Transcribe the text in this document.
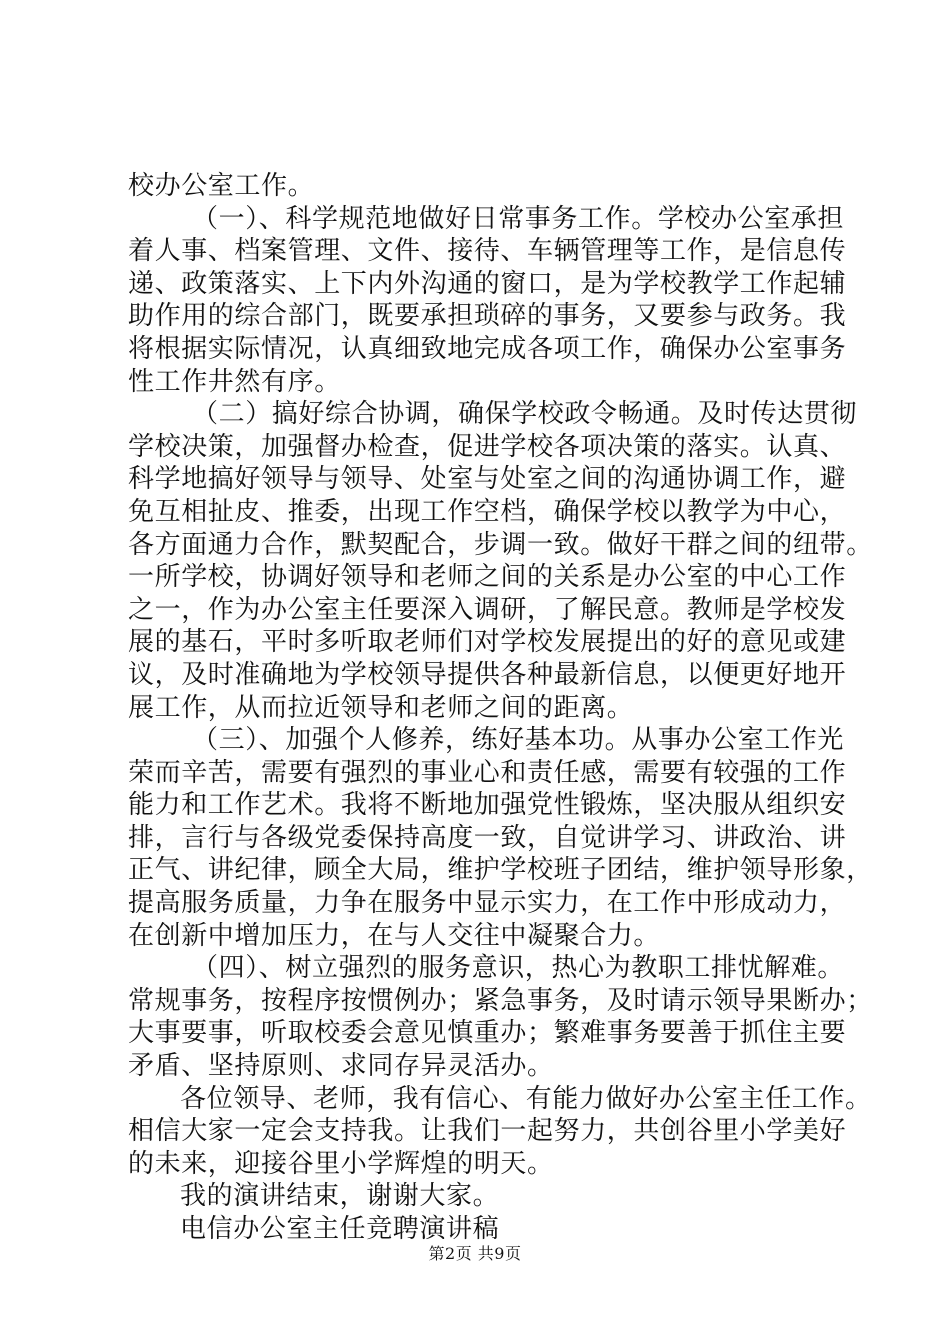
校办公室工作。
（一）、科学规范地做好日常事务工作。学校办公室承担
着人事、档案管理、文件、接待、车辆管理等工作，是信息传
递、政策落实、上下内外沟通的窗口，是为学校教学工作起辅
助作用的综合部门，既要承担琐碎的事务，又要参与政务。我
将根据实际情况，认真细致地完成各项工作，确保办公室事务
性工作井然有序。
（二）搞好综合协调，确保学校政令畅通。及时传达贯彻
学校决策，加强督办检查，促进学校各项决策的落实。认真、
科学地搞好领导与领导、处室与处室之间的沟通协调工作，避
免互相扯皮、推委，出现工作空档，确保学校以教学为中心，
各方面通力合作，默契配合，步调一致。做好干群之间的纽带。
一所学校，协调好领导和老师之间的关系是办公室的中心工作
之一，作为办公室主任要深入调研，了解民意。教师是学校发
展的基石，平时多听取老师们对学校发展提出的好的意见或建
议，及时准确地为学校领导提供各种最新信息，以便更好地开
展工作，从而拉近领导和老师之间的距离。
（三）、加强个人修养，练好基本功。从事办公室工作光
荣而辛苦，需要有强烈的事业心和责任感，需要有较强的工作
能力和工作艺术。我将不断地加强党性锻炼，坚决服从组织安
排，言行与各级党委保持高度一致，自觉讲学习、讲政治、讲
正气、讲纪律，顾全大局，维护学校班子团结，维护领导形象，
提高服务质量，力争在服务中显示实力，在工作中形成动力，
在创新中增加压力，在与人交往中凝聚合力。
（四）、树立强烈的服务意识，热心为教职工排忧解难。
常规事务，按程序按惯例办；紧急事务，及时请示领导果断办；
大事要事，听取校委会意见慎重办；繁难事务要善于抓住主要
矛盾、坚持原则、求同存异灵活办。
各位领导、老师，我有信心、有能力做好办公室主任工作。
相信大家一定会支持我。让我们一起努力，共创谷里小学美好
的未来，迎接谷里小学辉煌的明天。
我的演讲结束，谢谢大家。
电信办公室主任竞聘演讲稿
第2页 共9页
